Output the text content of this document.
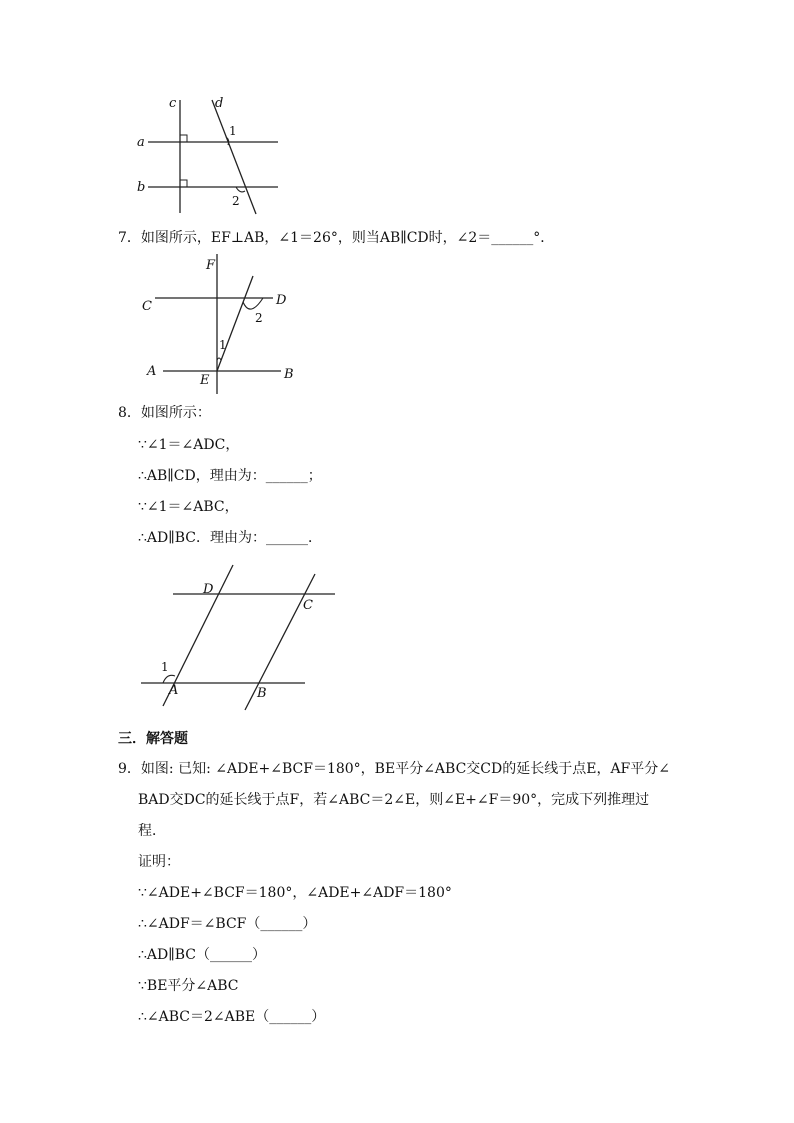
c	d
a
b
1
2
7．如图所示，EF⊥AB，∠1＝26°，则当AB∥CD时，∠2＝______°．
F
C	D
A
E	B
1
2
8．如图所示：
∵∠1＝∠ADC，
∴AB∥CD，理由为：______；
∵∠1＝∠ABC，
∴AD∥BC．理由为：______．
D
C
A	B
1
三．解答题
9．如图: 已知: ∠ADE+∠BCF＝180°，BE平分∠ABC交CD的延长线于点E，AF平分∠
BAD交DC的延长线于点F，若∠ABC＝2∠E，则∠E+∠F＝90°，完成下列推理过
程．
证明：
∵∠ADE+∠BCF＝180°，∠ADE+∠ADF＝180°
∴∠ADF＝∠BCF（______）
∴AD∥BC（______）
∵BE平分∠ABC
∴∠ABC＝2∠ABE（______）
